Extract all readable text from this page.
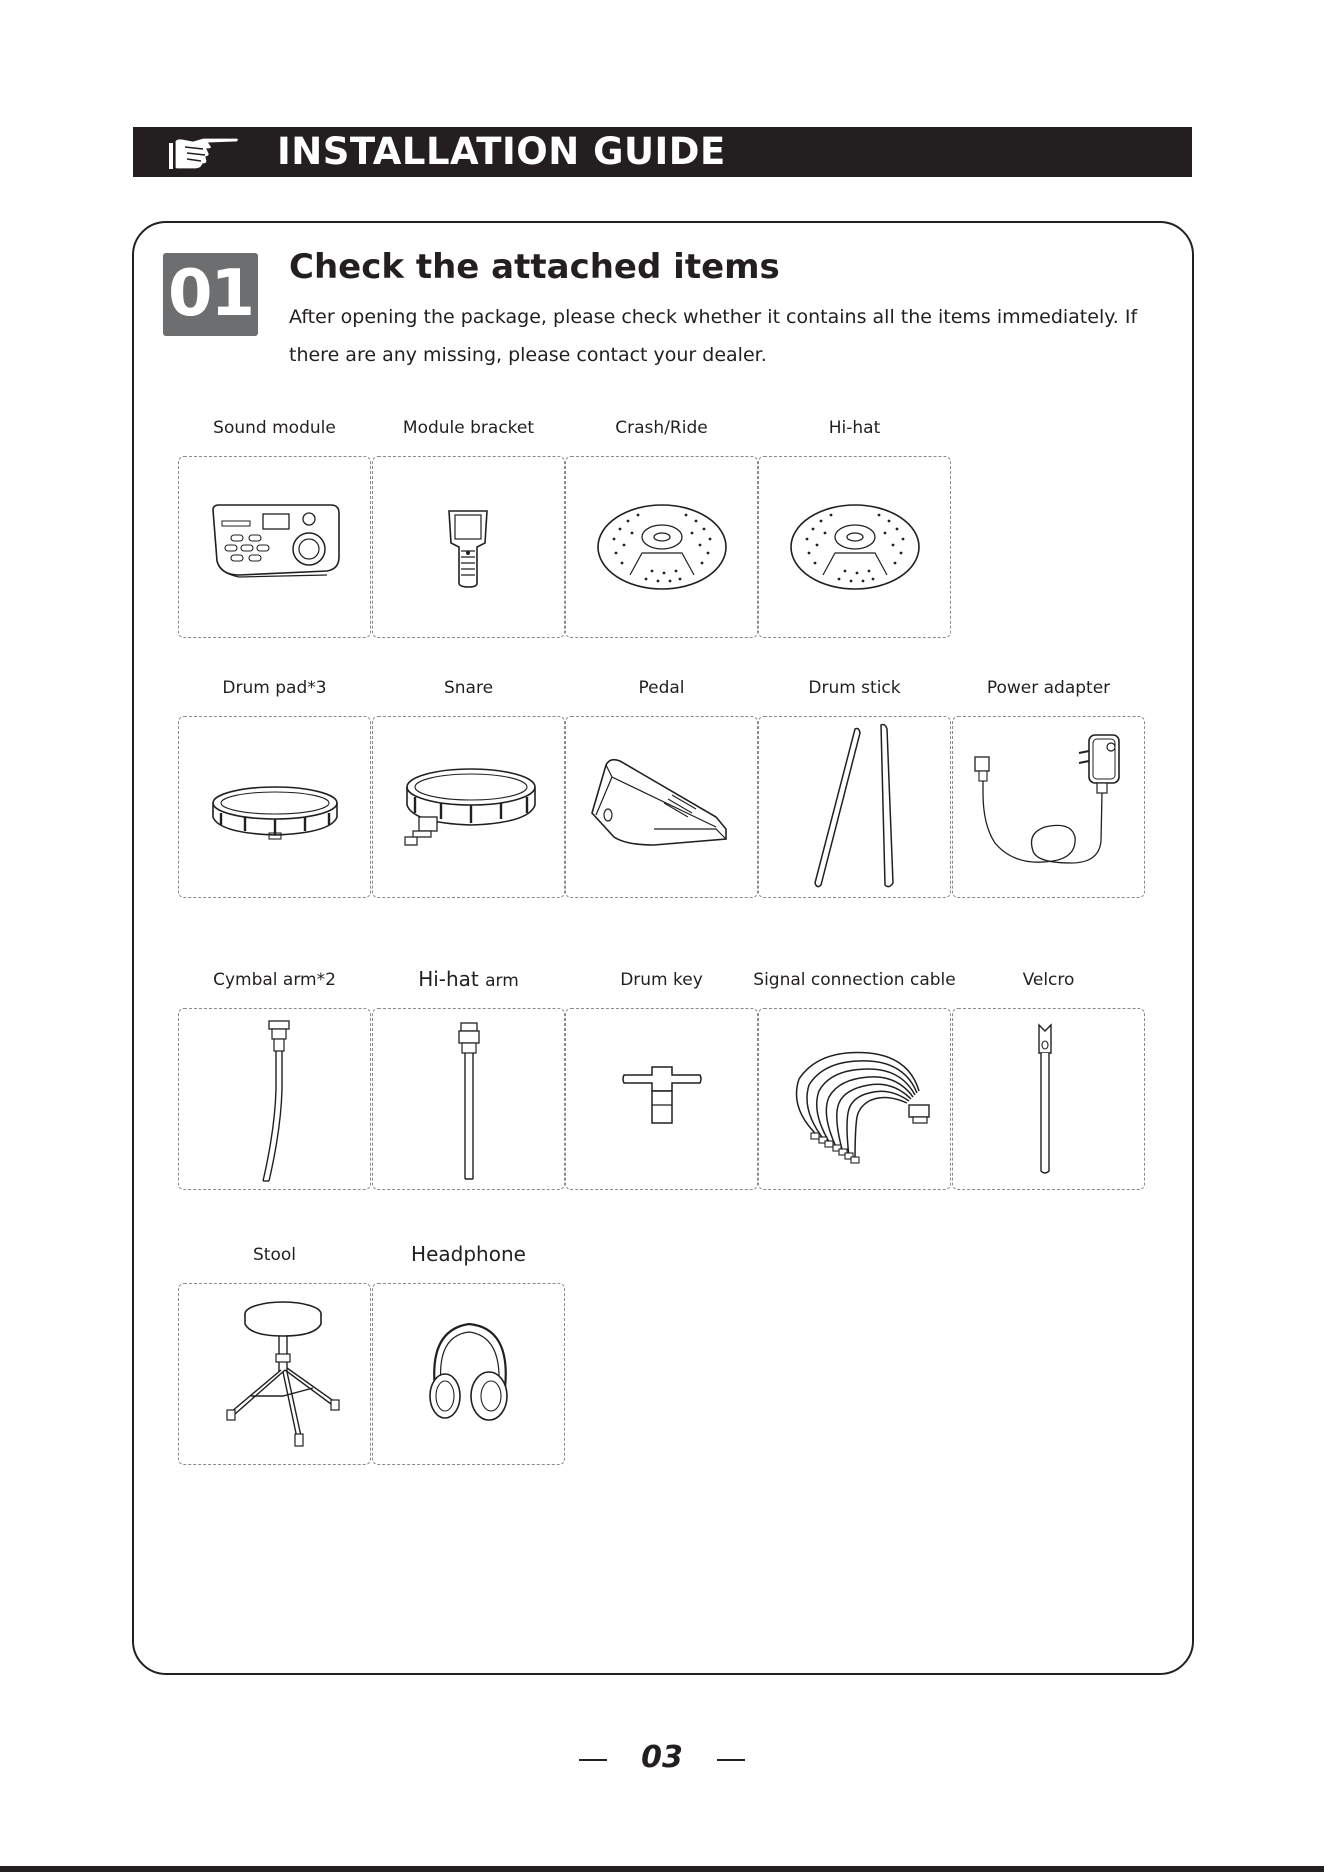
INSTALLATION GUIDE
01 Check the attached items
After opening the package, please check whether it contains all the items immediately. If there are any missing, please contact your dealer.
Sound module	Module bracket	Crash/Ride	Hi-hat
Drum pad*3	Snare	Pedal	Drum stick	Power adapter
Cymbal arm*2	Hi-hat arm	Drum key	Signal connection cable	Velcro
Stool	Headphone
03
